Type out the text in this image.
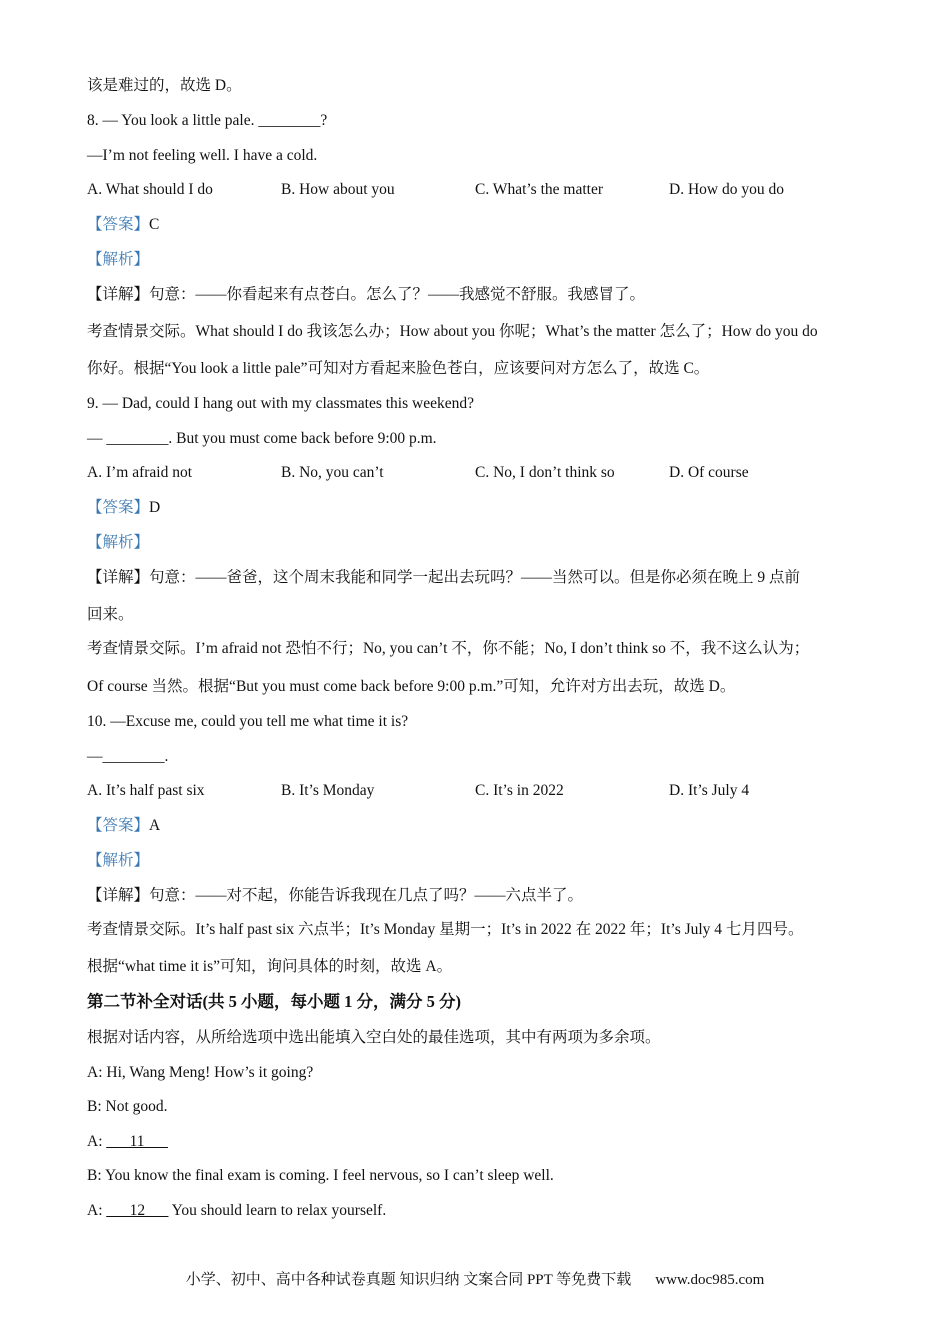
该是难过的，故选 D。
8. — You look a little pale. ________?
—I’m not feeling well. I have a cold.
A. What should I do	B. How about you	C. What’s the matter	D. How do you do
【答案】C
【解析】
【详解】句意：——你看起来有点苍白。怎么了？——我感觉不舒服。我感冒了。
考查情景交际。What should I do 我该怎么办；How about you 你呢；What’s the matter 怎么了；How do you do
你好。根据“You look a little pale”可知对方看起来脸色苍白，应该要问对方怎么了，故选 C。
9. — Dad, could I hang out with my classmates this weekend?
— ________. But you must come back before 9:00 p.m.
A. I’m afraid not	B. No, you can’t	C. No, I don’t think so	D. Of course
【答案】D
【解析】
【详解】句意：——爸爸，这个周末我能和同学一起出去玩吗？——当然可以。但是你必须在晚上 9 点前
回来。
考查情景交际。I’m afraid not 恐怕不行；No, you can’t 不，你不能；No, I don’t think so 不，我不这么认为；
Of course 当然。根据“But you must come back before 9:00 p.m.”可知，允许对方出去玩，故选 D。
10. —Excuse me, could you tell me what time it is?
—________.
A. It’s half past six	B. It’s Monday	C. It’s in 2022	D. It’s July 4
【答案】A
【解析】
【详解】句意：——对不起，你能告诉我现在几点了吗？——六点半了。
考查情景交际。It’s half past six 六点半；It’s Monday 星期一；It’s in 2022 在 2022 年；It’s July 4 七月四号。
根据“what time it is”可知，询问具体的时刻，故选 A。
第二节补全对话(共 5 小题，每小题 1 分，满分 5 分)
根据对话内容，从所给选项中选出能填入空白处的最佳选项，其中有两项为多余项。
A: Hi, Wang Meng! How’s it going?
B: Not good.
A: ___11___
B: You know the final exam is coming. I feel nervous, so I can’t sleep well.
A: ___12___ You should learn to relax yourself.
小学、初中、高中各种试卷真题 知识归纳 文案合同 PPT 等免费下载 www.doc985.com
